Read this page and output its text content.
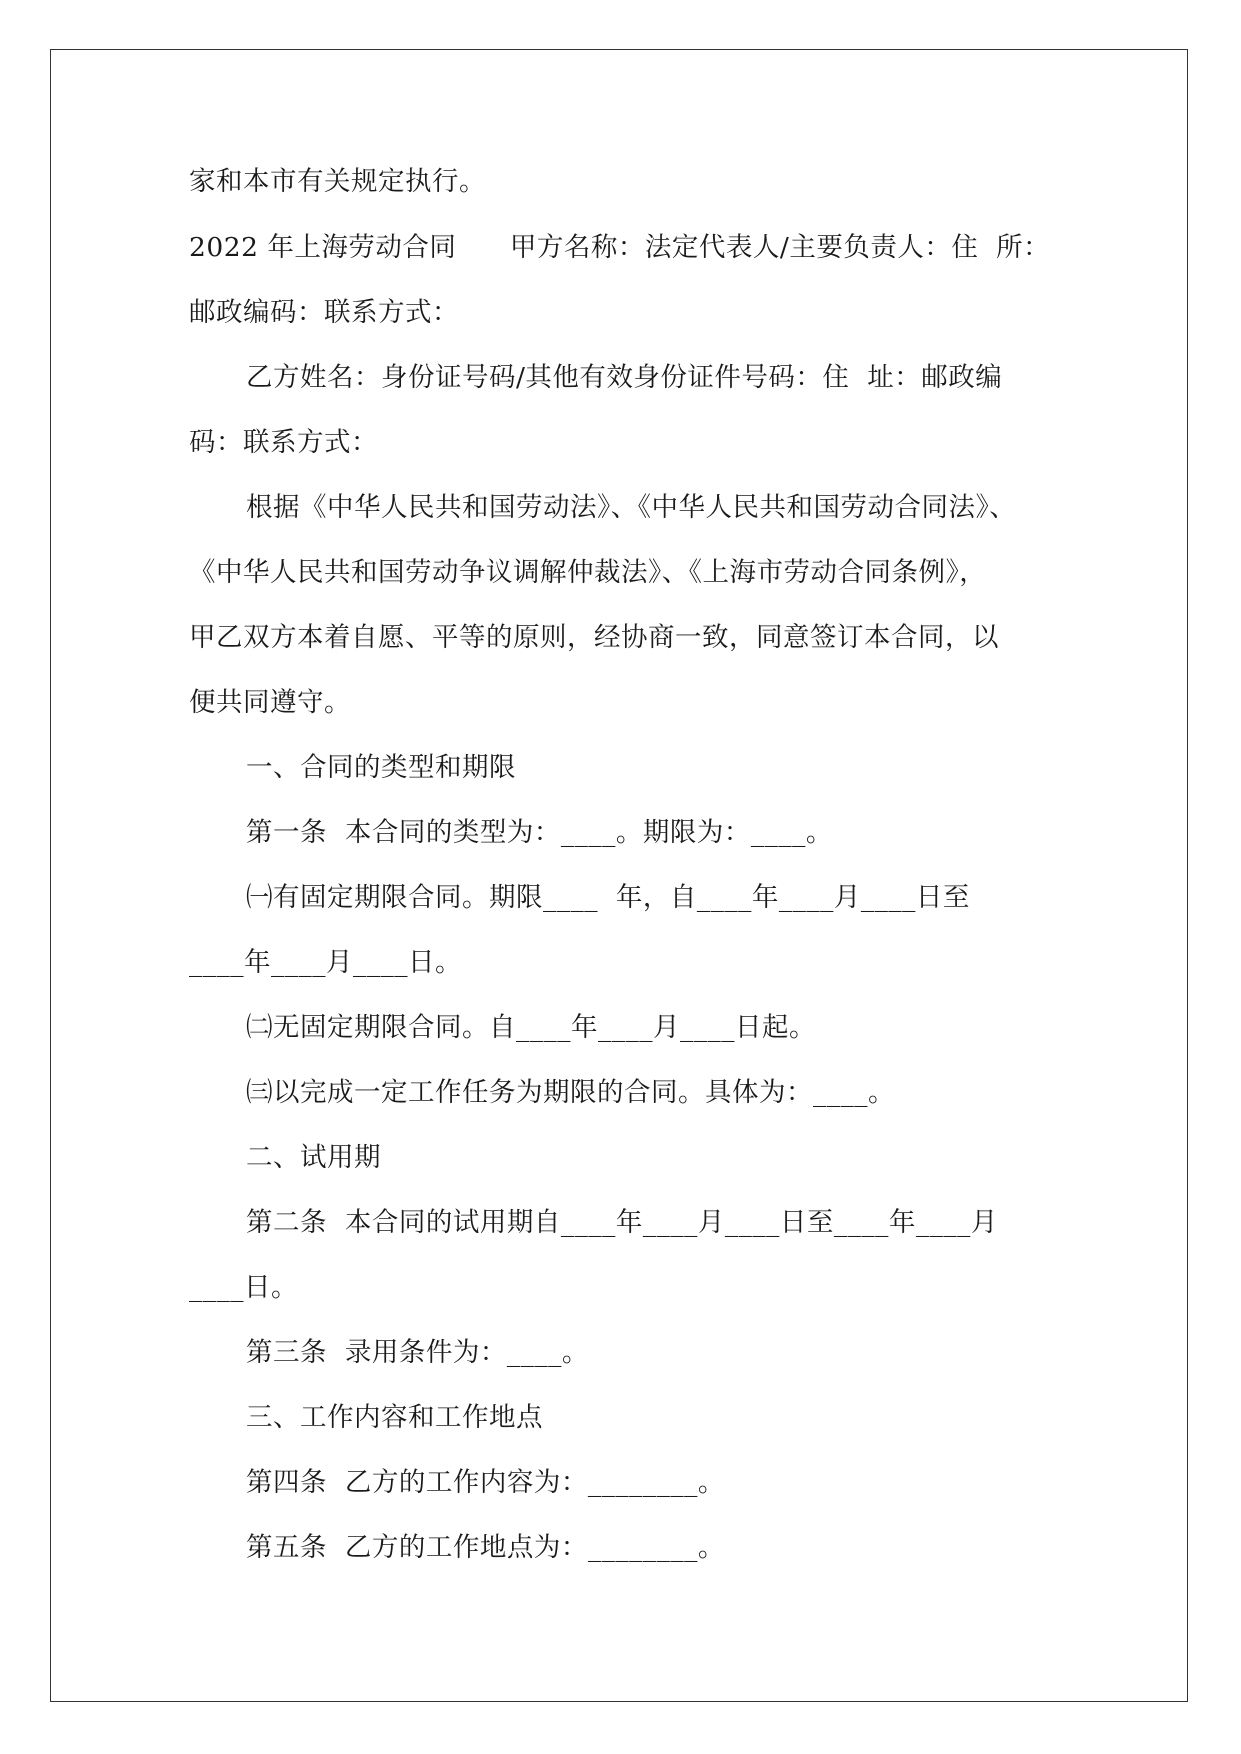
家和本市有关规定执行。
2022 年上海劳动合同      甲方名称：法定代表人/主要负责人：住  所：
邮政编码：联系方式：
乙方姓名：身份证号码/其他有效身份证件号码：住  址：邮政编
码：联系方式：
根据《中华人民共和国劳动法》、《中华人民共和国劳动合同法》、
《中华人民共和国劳动争议调解仲裁法》、《上海市劳动合同条例》，
甲乙双方本着自愿、平等的原则，经协商一致，同意签订本合同，以
便共同遵守。
一、合同的类型和期限
第一条  本合同的类型为：____。期限为：____。
㈠有固定期限合同。期限____  年，自____年____月____日至
____年____月____日。
㈡无固定期限合同。自____年____月____日起。
㈢以完成一定工作任务为期限的合同。具体为：____。
二、试用期
第二条  本合同的试用期自____年____月____日至____年____月
____日。
第三条  录用条件为：____。
三、工作内容和工作地点
第四条  乙方的工作内容为：________。
第五条  乙方的工作地点为：________。
